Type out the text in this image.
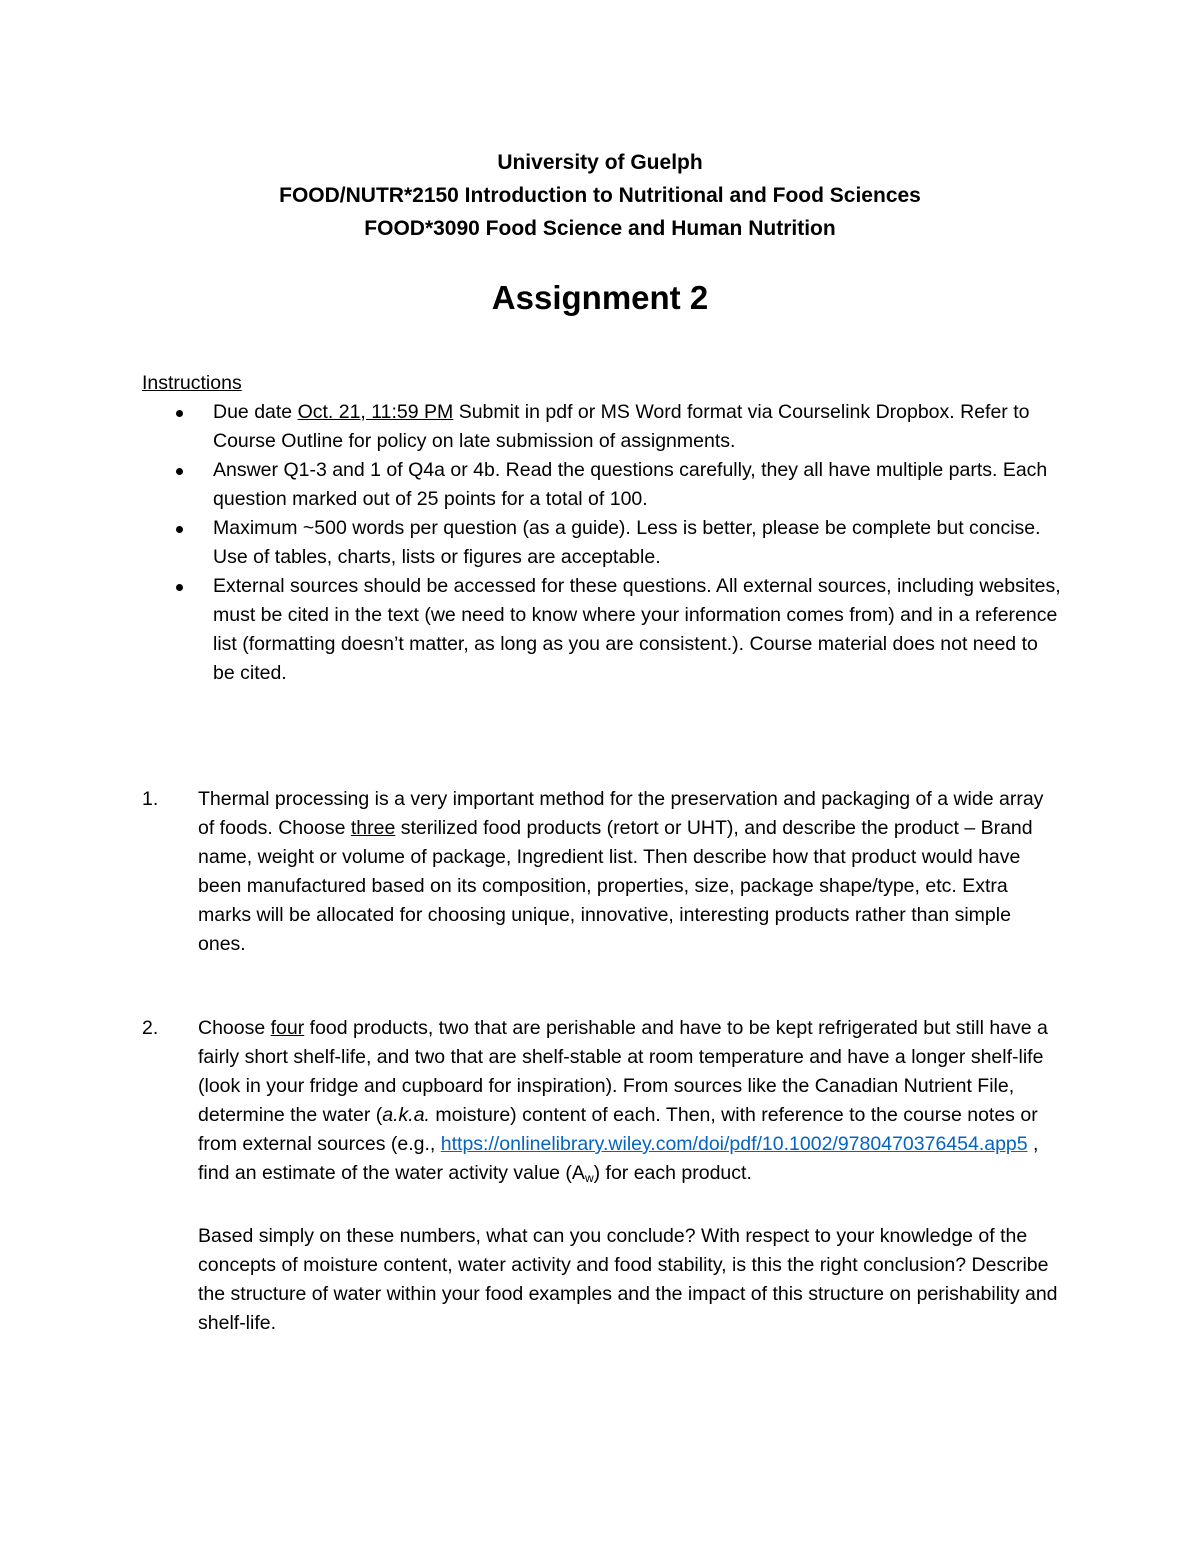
University of Guelph
FOOD/NUTR*2150 Introduction to Nutritional and Food Sciences
FOOD*3090 Food Science and Human Nutrition
Assignment 2
Instructions
Due date Oct. 21, 11:59 PM Submit in pdf or MS Word format via Courselink Dropbox. Refer to Course Outline for policy on late submission of assignments.
Answer Q1-3 and 1 of Q4a or 4b. Read the questions carefully, they all have multiple parts. Each question marked out of 25 points for a total of 100.
Maximum ~500 words per question (as a guide). Less is better, please be complete but concise. Use of tables, charts, lists or figures are acceptable.
External sources should be accessed for these questions. All external sources, including websites, must be cited in the text (we need to know where your information comes from) and in a reference list (formatting doesn’t matter, as long as you are consistent.). Course material does not need to be cited.
1. Thermal processing is a very important method for the preservation and packaging of a wide array of foods. Choose three sterilized food products (retort or UHT), and describe the product – Brand name, weight or volume of package, Ingredient list. Then describe how that product would have been manufactured based on its composition, properties, size, package shape/type, etc. Extra marks will be allocated for choosing unique, innovative, interesting products rather than simple ones.
2. Choose four food products, two that are perishable and have to be kept refrigerated but still have a fairly short shelf-life, and two that are shelf-stable at room temperature and have a longer shelf-life (look in your fridge and cupboard for inspiration). From sources like the Canadian Nutrient File, determine the water (a.k.a. moisture) content of each. Then, with reference to the course notes or from external sources (e.g., https://onlinelibrary.wiley.com/doi/pdf/10.1002/9780470376454.app5 , find an estimate of the water activity value $(A_w)$ for each product.
Based simply on these numbers, what can you conclude? With respect to your knowledge of the concepts of moisture content, water activity and food stability, is this the right conclusion? Describe the structure of water within your food examples and the impact of this structure on perishability and shelf-life.
